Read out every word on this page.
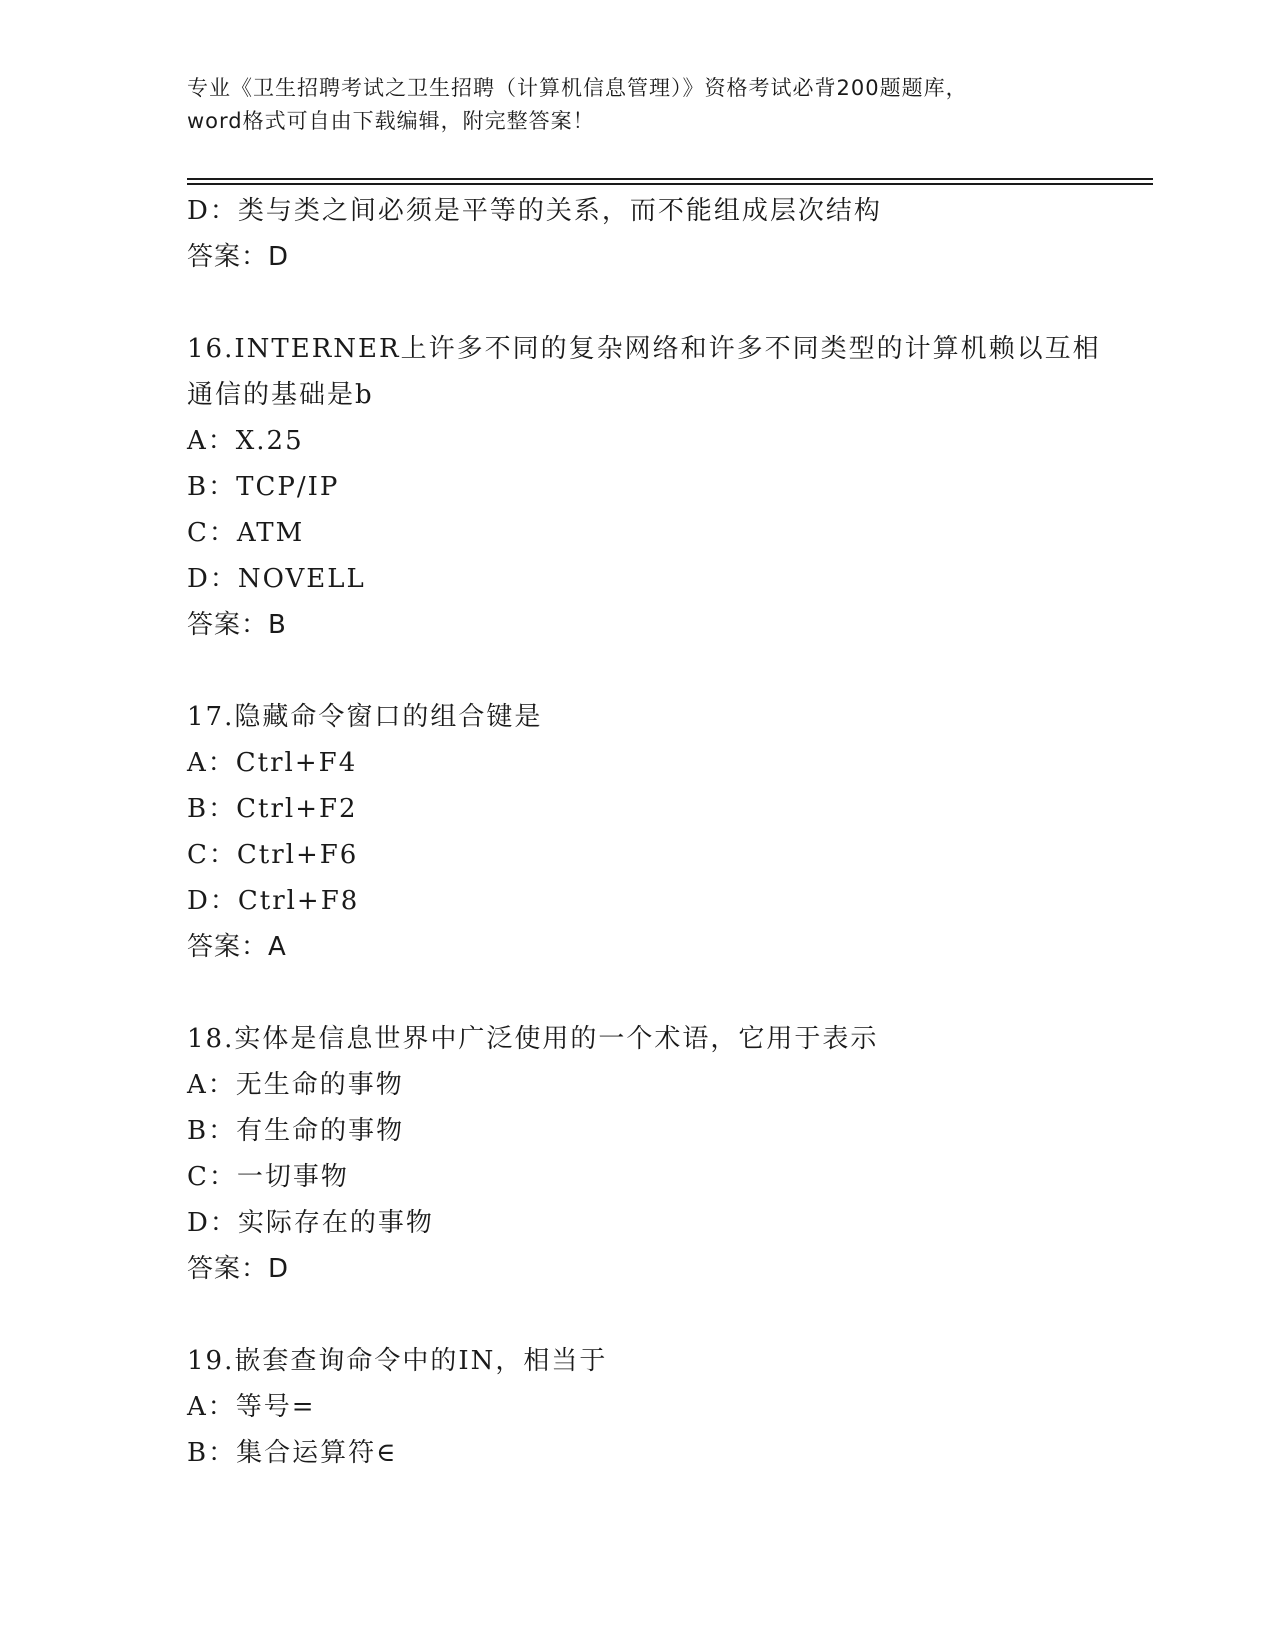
专业《卫生招聘考试之卫生招聘（计算机信息管理）》资格考试必背200题题库，
word格式可自由下载编辑，附完整答案！
D：类与类之间必须是平等的关系，而不能组成层次结构
答案：D
16.INTERNER上许多不同的复杂网络和许多不同类型的计算机赖以互相
通信的基础是b
A：X.25
B：TCP/IP
C：ATM
D：NOVELL
答案：B
17.隐藏命令窗口的组合键是
A：Ctrl+F4
B：Ctrl+F2
C：Ctrl+F6
D：Ctrl+F8
答案：A
18.实体是信息世界中广泛使用的一个术语，它用于表示
A：无生命的事物
B：有生命的事物
C：一切事物
D：实际存在的事物
答案：D
19.嵌套查询命令中的IN，相当于
A：等号=
B：集合运算符∈
